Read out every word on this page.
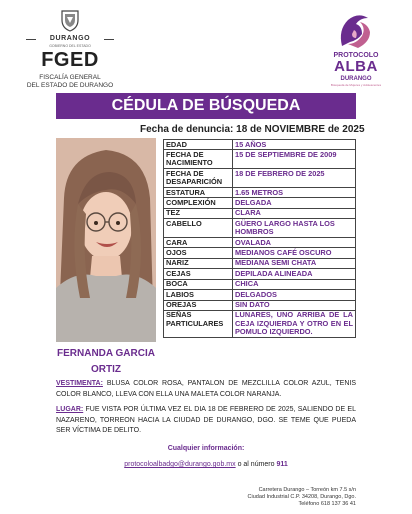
DURANGO
GOBIERNO DEL ESTADO
FGED
FISCALÍA GENERAL
DEL ESTADO DE DURANGO
PROTOCOLO
ALBA
DURANGO
Búsqueda de Mujeres y Adolescentes
CÉDULA DE BÚSQUEDA
Fecha de denuncia: 18 de NOVIEMBRE de 2025
EDAD	15 AÑOS
FECHA DE NACIMIENTO	15 DE SEPTIEMBRE DE 2009
FECHA DE DESAPARICIÓN	18 DE FEBRERO DE 2025
ESTATURA	1.65 METROS
COMPLEXIÓN	DELGADA
TEZ	CLARA
CABELLO	GÜERO LARGO HASTA LOS HOMBROS
CARA	OVALADA
OJOS	MEDIANOS CAFÉ OSCURO
NARIZ	MEDIANA SEMI CHATA
CEJAS	DEPILADA ALINEADA
BOCA	CHICA
LABIOS	DELGADOS
OREJAS	SIN DATO
SEÑAS PARTICULARES	LUNARES, UNO ARRIBA DE LA CEJA IZQUIERDA Y OTRO EN EL POMULO IZQUIERDO.
FERNANDA GARCIA
ORTIZ
VESTIMENTA: BLUSA COLOR ROSA, PANTALON DE MEZCLILLA COLOR AZUL, TENIS COLOR BLANCO, LLEVA CON ELLA UNA MALETA COLOR NARANJA.
LUGAR: FUE VISTA POR ÚLTIMA VEZ EL DIA 18 DE FEBRERO DE 2025, SALIENDO DE EL NAZARENO, TORREON HACIA LA CIUDAD DE DURANGO, DGO. SE TEME QUE PUEDA SER VÍCTIMA DE DELITO.
Cualquier información:
protocoloalbadgo@durango.gob.mx o al número 911
Carretera Durango – Torreón km 7.5 s/n
Ciudad Industrial C.P. 34208, Durango, Dgo.
Teléfono 618 137 36 41
